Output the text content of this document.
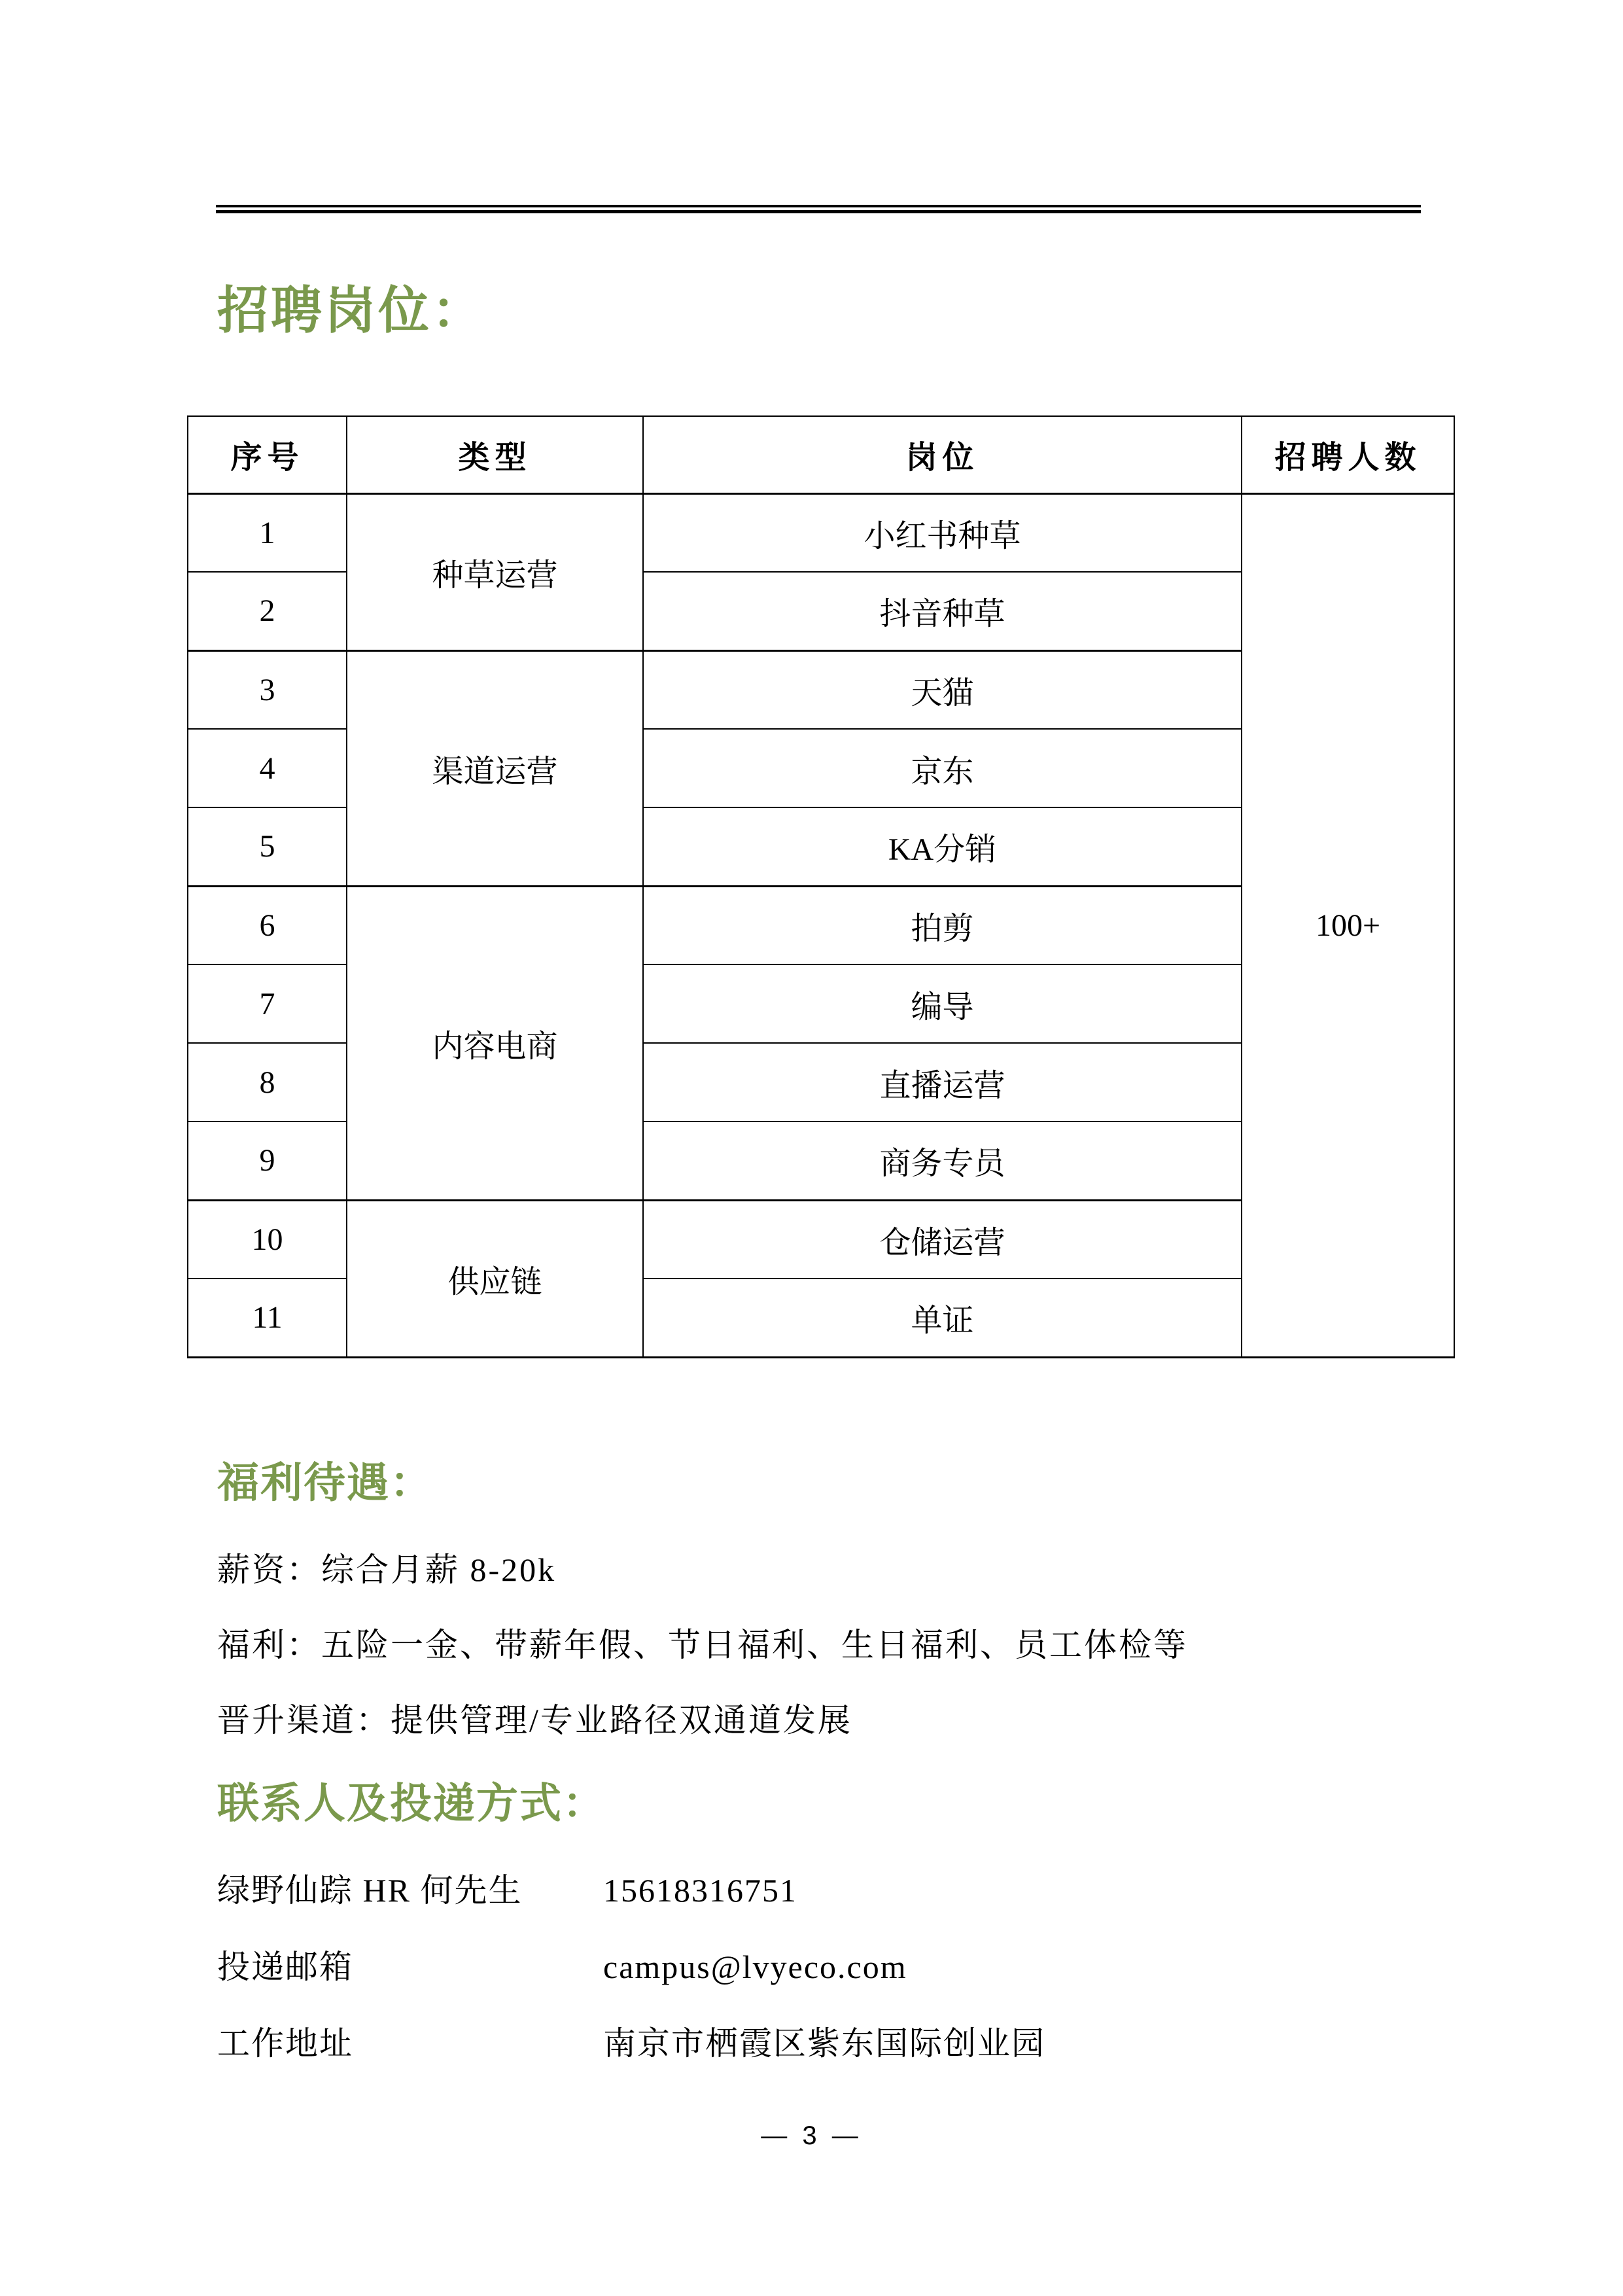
招聘岗位：
序号	类型	岗位	招聘人数
1	种草运营	小红书种草	100+
2		抖音种草	
3	渠道运营	天猫	
4		京东	
5		KA分销	
6	内容电商	拍剪	
7		编导	
8		直播运营	
9		商务专员	
10	供应链	仓储运营	
11		单证	
福利待遇：
薪资：综合月薪 8-20k
福利：五险一金、带薪年假、节日福利、生日福利、员工体检等
晋升渠道：提供管理/专业路径双通道发展
联系人及投递方式：
绿野仙踪 HR 何先生 15618316751
投递邮箱	campus@lvyeco.com
工作地址	南京市栖霞区紫东国际创业园
— 3 —
